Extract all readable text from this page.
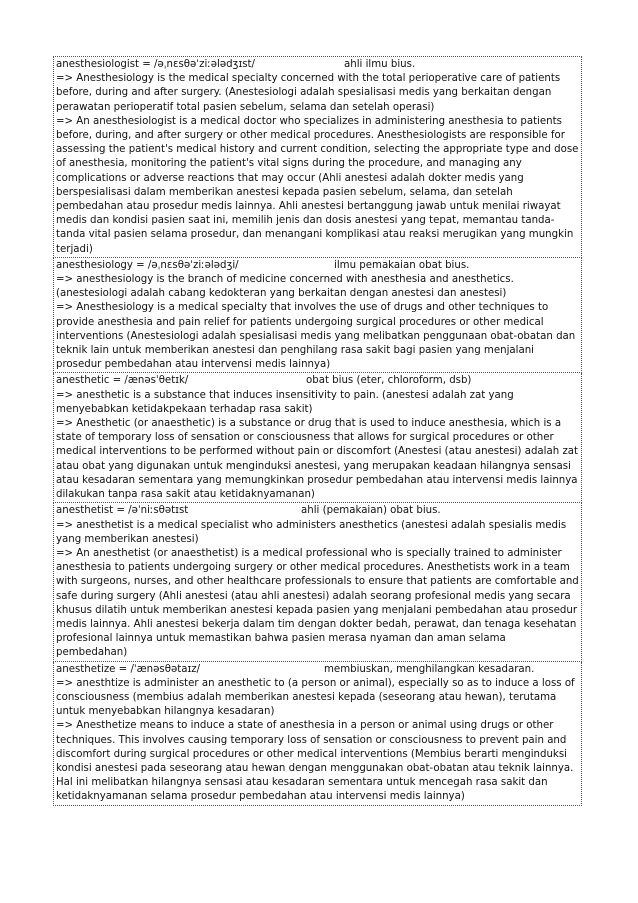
anesthesiologist = /əˌnɛsθəˈziːələdʒɪst/	ahli ilmu bius.

=> Anesthesiology is the medical specialty concerned with the total perioperative care of patients before, during and after surgery. (Anestesiologi adalah spesialisasi medis yang berkaitan dengan perawatan perioperatif total pasien sebelum, selama dan setelah operasi)

=> An anesthesiologist is a medical doctor who specializes in administering anesthesia to patients before, during, and after surgery or other medical procedures. Anesthesiologists are responsible for assessing the patient's medical history and current condition, selecting the appropriate type and dose of anesthesia, monitoring the patient's vital signs during the procedure, and managing any complications or adverse reactions that may occur (Ahli anestesi adalah dokter medis yang berspesialisasi dalam memberikan anestesi kepada pasien sebelum, selama, dan setelah pembedahan atau prosedur medis lainnya. Ahli anestesi bertanggung jawab untuk menilai riwayat medis dan kondisi pasien saat ini, memilih jenis dan dosis anestesi yang tepat, memantau tanda-tanda vital pasien selama prosedur, dan menangani komplikasi atau reaksi merugikan yang mungkin terjadi)

anesthesiology = /əˌnɛsθəˈziːələdʒi/	ilmu pemakaian obat bius.

=> anesthesiology is the branch of medicine concerned with anesthesia and anesthetics. (anestesiologi adalah cabang kedokteran yang berkaitan dengan anestesi dan anestesi)

=> Anesthesiology is a medical specialty that involves the use of drugs and other techniques to provide anesthesia and pain relief for patients undergoing surgical procedures or other medical interventions (Anestesiologi adalah spesialisasi medis yang melibatkan penggunaan obat-obatan dan teknik lain untuk memberikan anestesi dan penghilang rasa sakit bagi pasien yang menjalani prosedur pembedahan atau intervensi medis lainnya)

anesthetic = /ænəsˈθetɪk/	obat bius (eter, chloroform, dsb)

=> anesthetic is a substance that induces insensitivity to pain. (anestesi adalah zat yang menyebabkan ketidakpekaan terhadap rasa sakit)

=> Anesthetic (or anaesthetic) is a substance or drug that is used to induce anesthesia, which is a state of temporary loss of sensation or consciousness that allows for surgical procedures or other medical interventions to be performed without pain or discomfort (Anestesi (atau anestesi) adalah zat atau obat yang digunakan untuk menginduksi anestesi, yang merupakan keadaan hilangnya sensasi atau kesadaran sementara yang memungkinkan prosedur pembedahan atau intervensi medis lainnya dilakukan tanpa rasa sakit atau ketidaknyamanan)

anesthetist = /əˈniːsθətɪst	ahli (pemakaian) obat bius.

=> anesthetist is a medical specialist who administers anesthetics (anestesi adalah spesialis medis yang memberikan anestesi)

=> An anesthetist (or anaesthetist) is a medical professional who is specially trained to administer anesthesia to patients undergoing surgery or other medical procedures. Anesthetists work in a team with surgeons, nurses, and other healthcare professionals to ensure that patients are comfortable and safe during surgery (Ahli anestesi (atau ahli anestesi) adalah seorang profesional medis yang secara khusus dilatih untuk memberikan anestesi kepada pasien yang menjalani pembedahan atau prosedur medis lainnya. Ahli anestesi bekerja dalam tim dengan dokter bedah, perawat, dan tenaga kesehatan profesional lainnya untuk memastikan bahwa pasien merasa nyaman dan aman selama pembedahan)

anesthetize = /ˈænəsθətaɪz/	membiuskan, menghilangkan kesadaran.

=> anesthtize is administer an anesthetic to (a person or animal), especially so as to induce a loss of consciousness (membius adalah memberikan anestesi kepada (seseorang atau hewan), terutama untuk menyebabkan hilangnya kesadaran)

=> Anesthetize means to induce a state of anesthesia in a person or animal using drugs or other techniques. This involves causing temporary loss of sensation or consciousness to prevent pain and discomfort during surgical procedures or other medical interventions (Membius berarti menginduksi kondisi anestesi pada seseorang atau hewan dengan menggunakan obat-obatan atau teknik lainnya. Hal ini melibatkan hilangnya sensasi atau kesadaran sementara untuk mencegah rasa sakit dan ketidaknyamanan selama prosedur pembedahan atau intervensi medis lainnya)
